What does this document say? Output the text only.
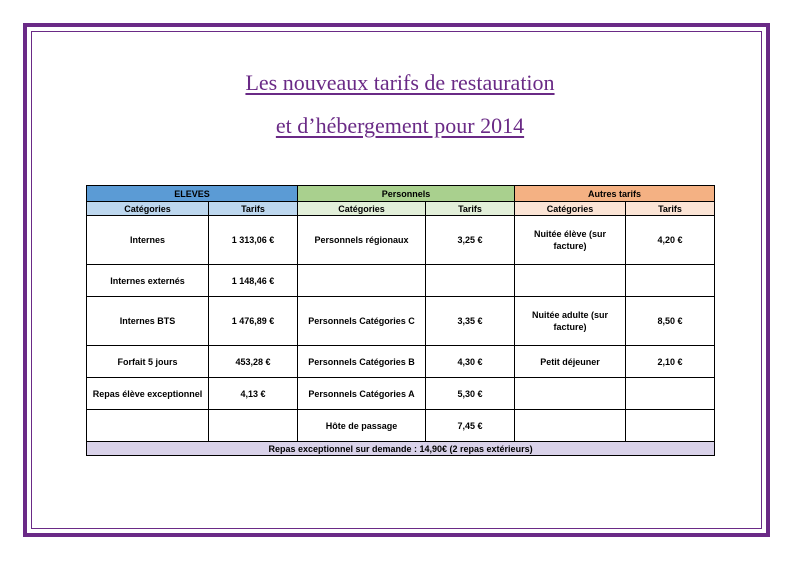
Les nouveaux tarifs de restauration
et d’hébergement pour 2014
ELEVES		Personnels		Autres tarifs	
Catégories	Tarifs	Catégories	Tarifs	Catégories	Tarifs
Internes	1 313,06 €	Personnels régionaux	3,25 €	Nuitée élève (sur facture)	4,20 €
Internes externés	1 148,46 €				
Internes BTS	1 476,89 €	Personnels Catégories C	3,35 €	Nuitée adulte (sur facture)	8,50 €
Forfait 5 jours	453,28 €	Personnels Catégories B	4,30 €	Petit déjeuner	2,10 €
Repas élève exceptionnel	4,13 €	Personnels Catégories A	5,30 €		
		Hôte de passage	7,45 €		
Repas exceptionnel sur demande : 14,90€ (2 repas extérieurs)					
